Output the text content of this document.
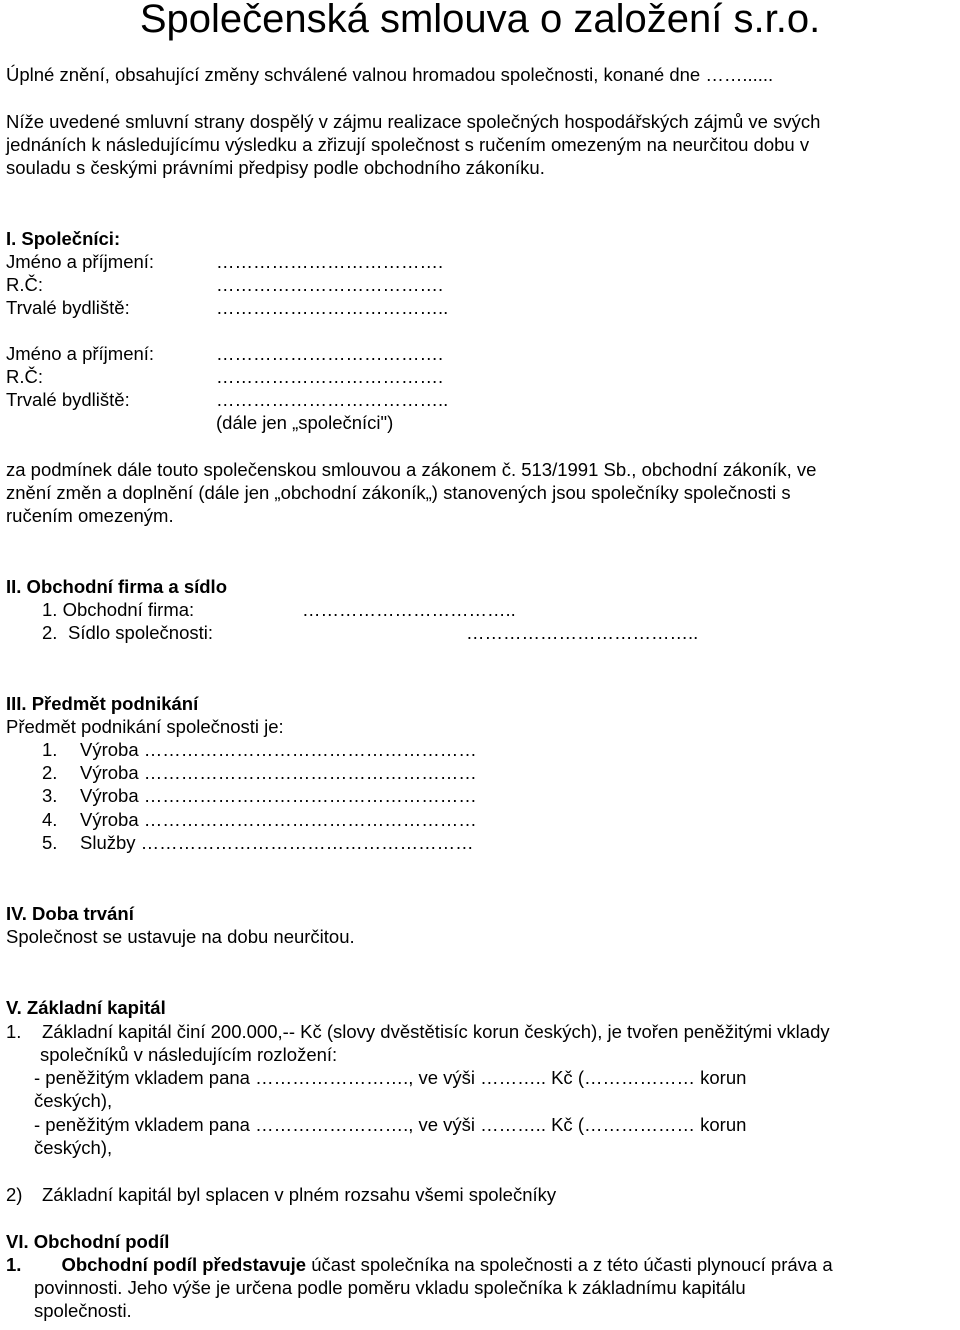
Společenská smlouva o založení s.r.o.
Úplné znění, obsahující změny schválené valnou hromadou společnosti, konané dne ……......
Níže uvedené smluvní strany dospělý v zájmu realizace společných hospodářských zájmů ve svých
jednáních k následujícímu výsledku a zřizují společnost s ručením omezeným na neurčitou dobu v
souladu s českými právními předpisy podle obchodního zákoníku.
I. Společníci:
Jméno a příjmení:	……………………………….
R.Č:	……………………………….
Trvalé bydliště:	………………………………..
Jméno a příjmení:	……………………………….
R.Č:	……………………………….
Trvalé bydliště:	………………………………..
(dále jen „společníci")
za podmínek dále touto společenskou smlouvou a zákonem č. 513/1991 Sb., obchodní zákoník, ve
znění změn a doplnění (dále jen „obchodní zákoník„) stanovených jsou společníky společnosti s
ručením omezeným.
II. Obchodní firma a sídlo
1. Obchodní firma:	……………………………..
2. Sídlo společnosti:	………………………………..
III. Předmět podnikání
Předmět podnikání společnosti je:
1. Výroba ………………………………………………
2. Výroba ………………………………………………
3. Výroba ………………………………………………
4. Výroba ………………………………………………
5. Služby ………………………………………………
IV. Doba trvání
Společnost se ustavuje na dobu neurčitou.
V. Základní kapitál
1. Základní kapitál činí 200.000,-- Kč (slovy dvěstětisíc korun českých), je tvořen peněžitými vklady
společníků v následujícím rozložení:
- peněžitým vkladem pana ……………………., ve výši ……….. Kč (……………… korun
českých),
- peněžitým vkladem pana ……………………., ve výši ……….. Kč (……………… korun
českých),
2) Základní kapitál byl splacen v plném rozsahu všemi společníky
VI. Obchodní podíl
1. Obchodní podíl představuje účast společníka na společnosti a z této účasti plynoucí práva a
povinnosti. Jeho výše je určena podle poměru vkladu společníka k základnímu kapitálu
společnosti.
